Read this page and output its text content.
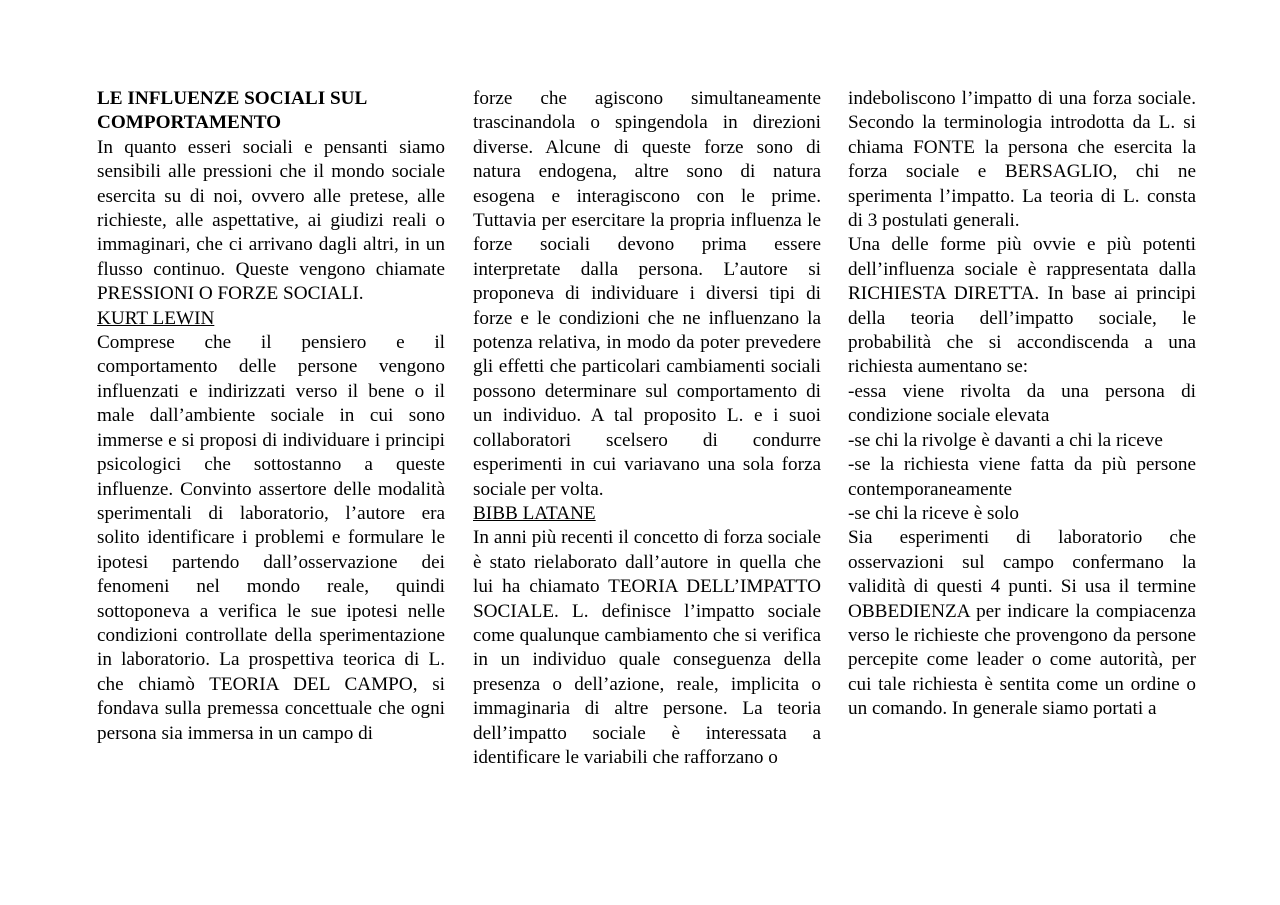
LE INFLUENZE SOCIALI SUL COMPORTAMENTO

In quanto esseri sociali e pensanti siamo sensibili alle pressioni che il mondo sociale esercita su di noi, ovvero alle pretese, alle richieste, alle aspettative, ai giudizi reali o immaginari, che ci arrivano dagli altri, in un flusso continuo. Queste vengono chiamate PRESSIONI O FORZE SOCIALI.

KURT LEWIN

Comprese che il pensiero e il comportamento delle persone vengono influenzati e indirizzati verso il bene o il male dall’ambiente sociale in cui sono immerse e si proposi di individuare i principi psicologici che sottostanno a queste influenze. Convinto assertore delle modalità sperimentali di laboratorio, l’autore era solito identificare i problemi e formulare le ipotesi partendo dall’osservazione dei fenomeni nel mondo reale, quindi sottoponeva a verifica le sue ipotesi nelle condizioni controllate della sperimentazione in laboratorio. La prospettiva teorica di L. che chiamò TEORIA DEL CAMPO, si fondava sulla premessa concettuale che ogni persona sia immersa in un campo di

forze che agiscono simultaneamente trascinandola o spingendola in direzioni diverse. Alcune di queste forze sono di natura endogena, altre sono di natura esogena e interagiscono con le prime. Tuttavia per esercitare la propria influenza le forze sociali devono prima essere interpretate dalla persona. L’autore si proponeva di individuare i diversi tipi di forze e le condizioni che ne influenzano la potenza relativa, in modo da poter prevedere gli effetti che particolari cambiamenti sociali possono determinare sul comportamento di un individuo. A tal proposito L. e i suoi collaboratori scelsero di condurre esperimenti in cui variavano una sola forza sociale per volta.

BIBB LATANE

In anni più recenti il concetto di forza sociale è stato rielaborato dall’autore in quella che lui ha chiamato TEORIA DELL’IMPATTO SOCIALE. L. definisce l’impatto sociale come qualunque cambiamento che si verifica in un individuo quale conseguenza della presenza o dell’azione, reale, implicita o immaginaria di altre persone. La teoria dell’impatto sociale è interessata a identificare le variabili che rafforzano o

indeboliscono l’impatto di una forza sociale. Secondo la terminologia introdotta da L. si chiama FONTE la persona che esercita la forza sociale e BERSAGLIO, chi ne sperimenta l’impatto. La teoria di L. consta di 3 postulati generali.

Una delle forme più ovvie e più potenti dell’influenza sociale è rappresentata dalla RICHIESTA DIRETTA. In base ai principi della teoria dell’impatto sociale, le probabilità che si accondiscenda a una richiesta aumentano se:

-essa viene rivolta da una persona di condizione sociale elevata

-se chi la rivolge è davanti a chi la riceve

-se la richiesta viene fatta da più persone contemporaneamente

-se chi la riceve è solo

Sia esperimenti di laboratorio che osservazioni sul campo confermano la validità di questi 4 punti. Si usa il termine OBBEDIENZA per indicare la compiacenza verso le richieste che provengono da persone percepite come leader o come autorità, per cui tale richiesta è sentita come un ordine o un comando. In generale siamo portati a
